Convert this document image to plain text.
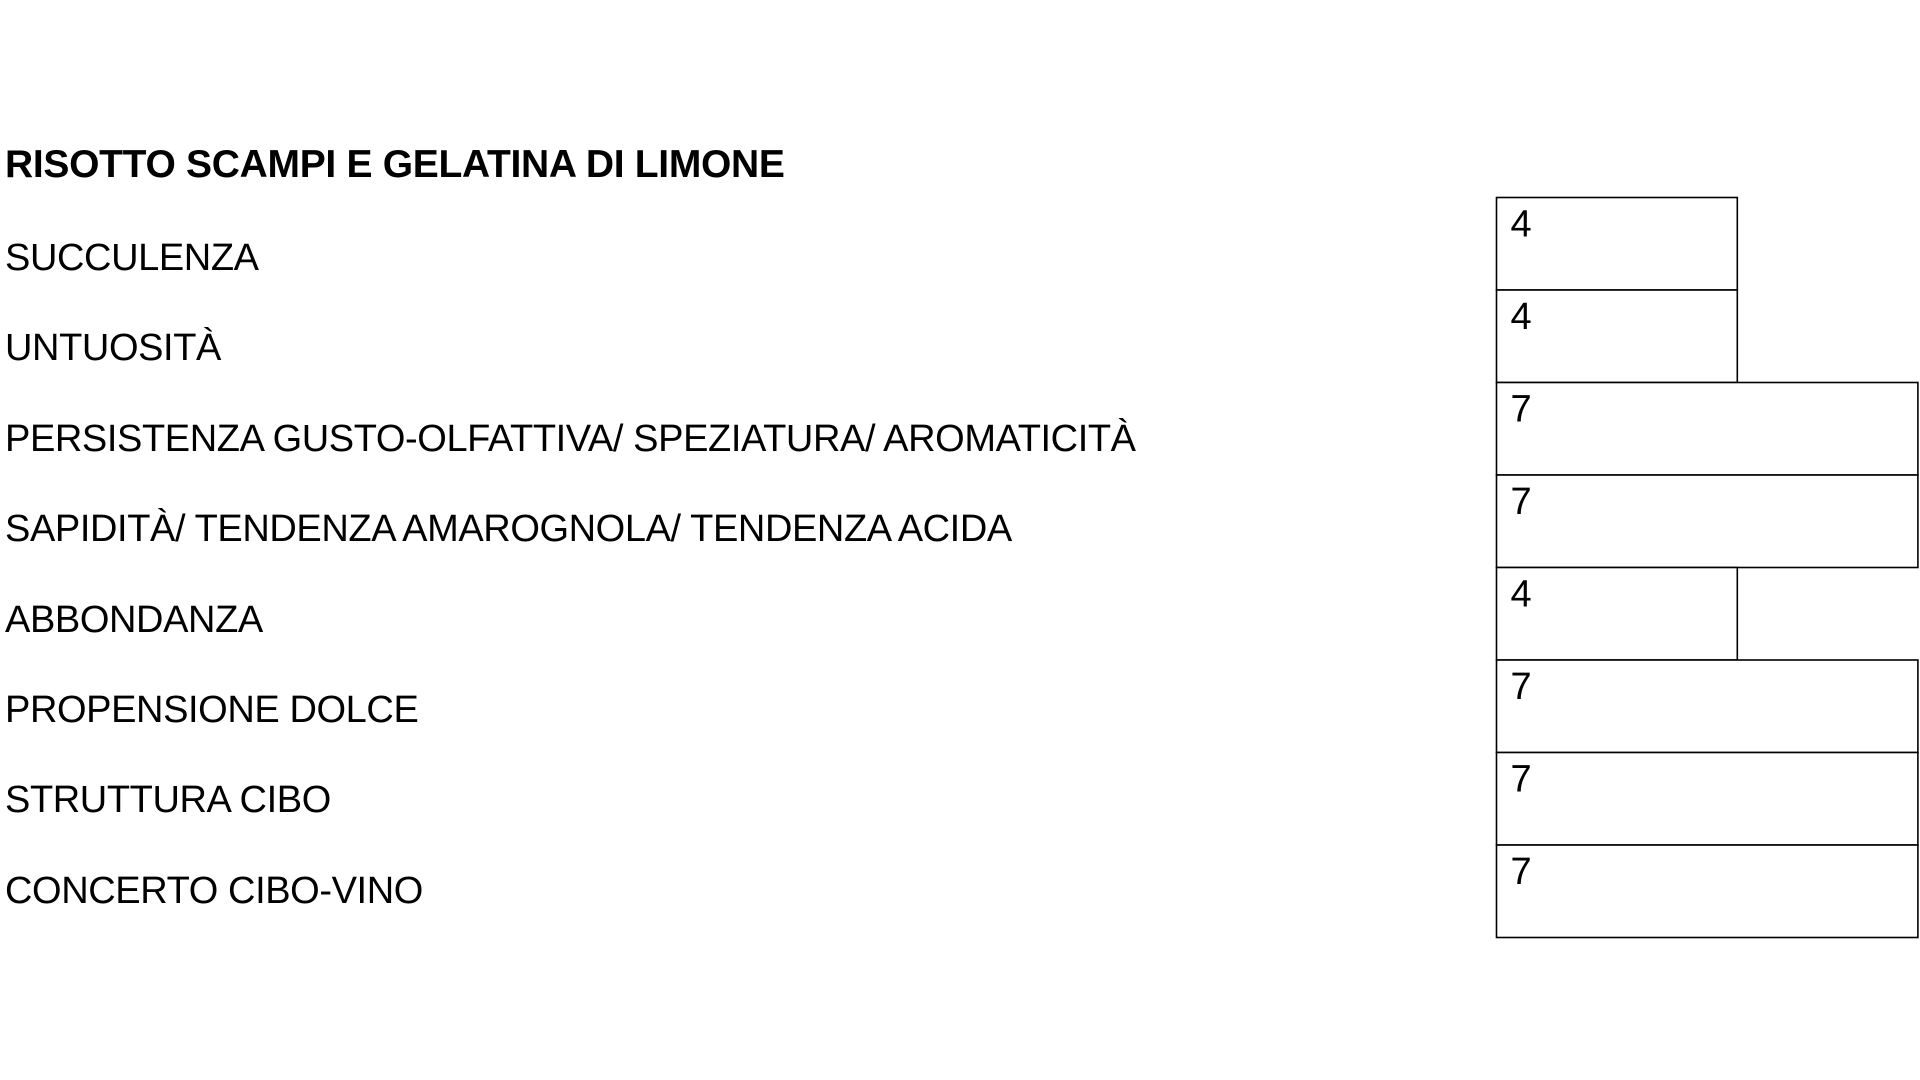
RISOTTO SCAMPI E GELATINA DI LIMONE
SUCCULENZA
UNTUOSITÀ
PERSISTENZA GUSTO-OLFATTIVA/ SPEZIATURA/ AROMATICITÀ
SAPIDITÀ/ TENDENZA AMAROGNOLA/ TENDENZA ACIDA
ABBONDANZA
PROPENSIONE DOLCE
STRUTTURA CIBO
CONCERTO CIBO-VINO
4
4
7
7
4
7
7
7
